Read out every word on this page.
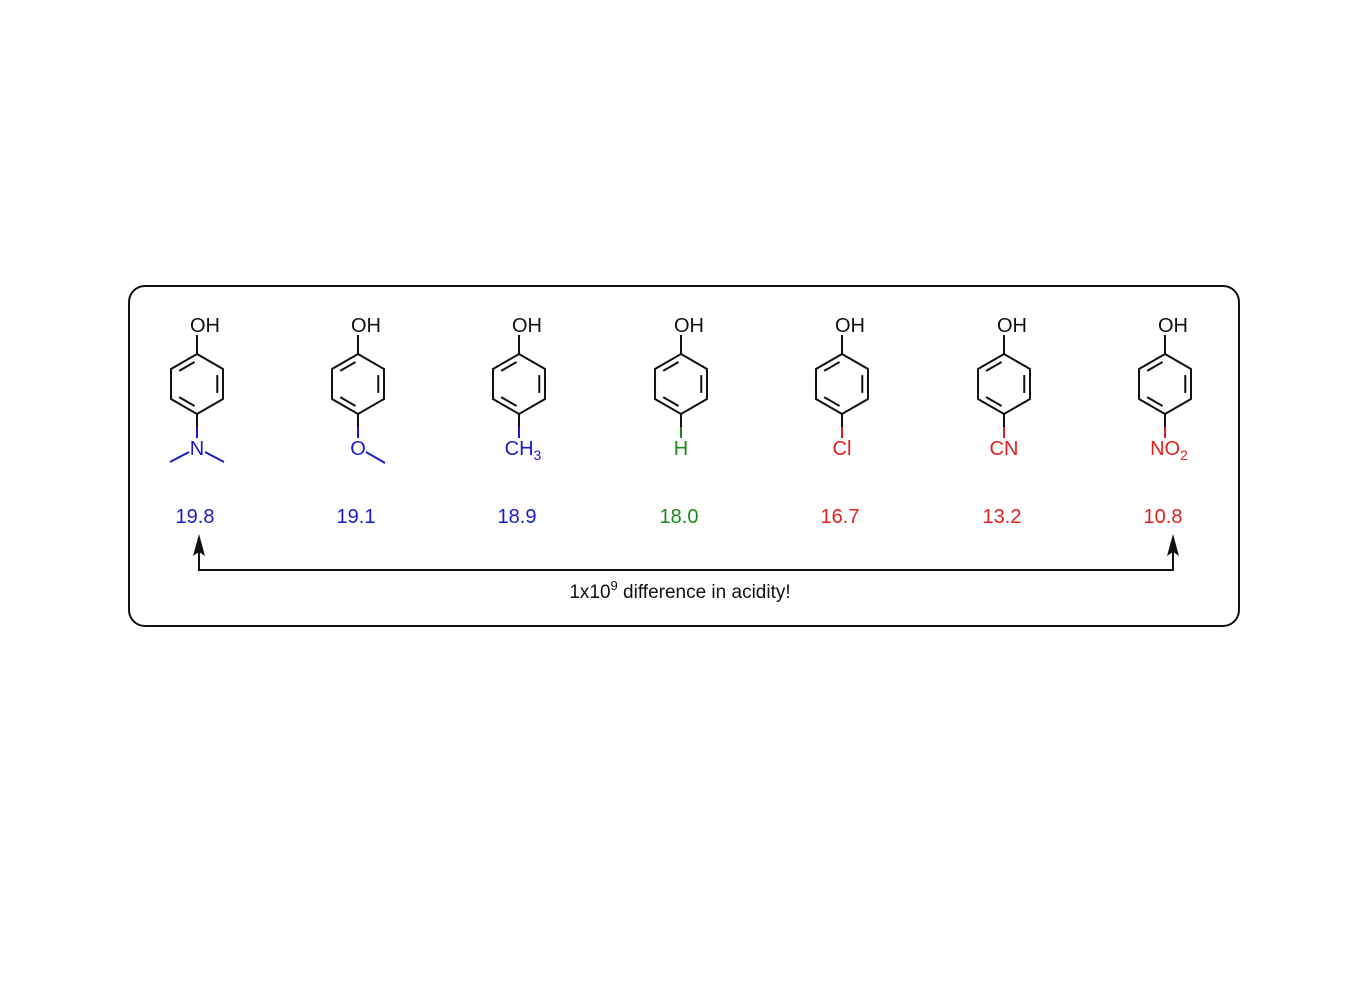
OH
N
19.8
OH
O
19.1
OH
$CH_3$
18.9
OH
H
18.0
OH
Cl
16.7
OH
CN
13.2
OH
$NO_2$
10.8
$1x10^9$ difference in acidity!
